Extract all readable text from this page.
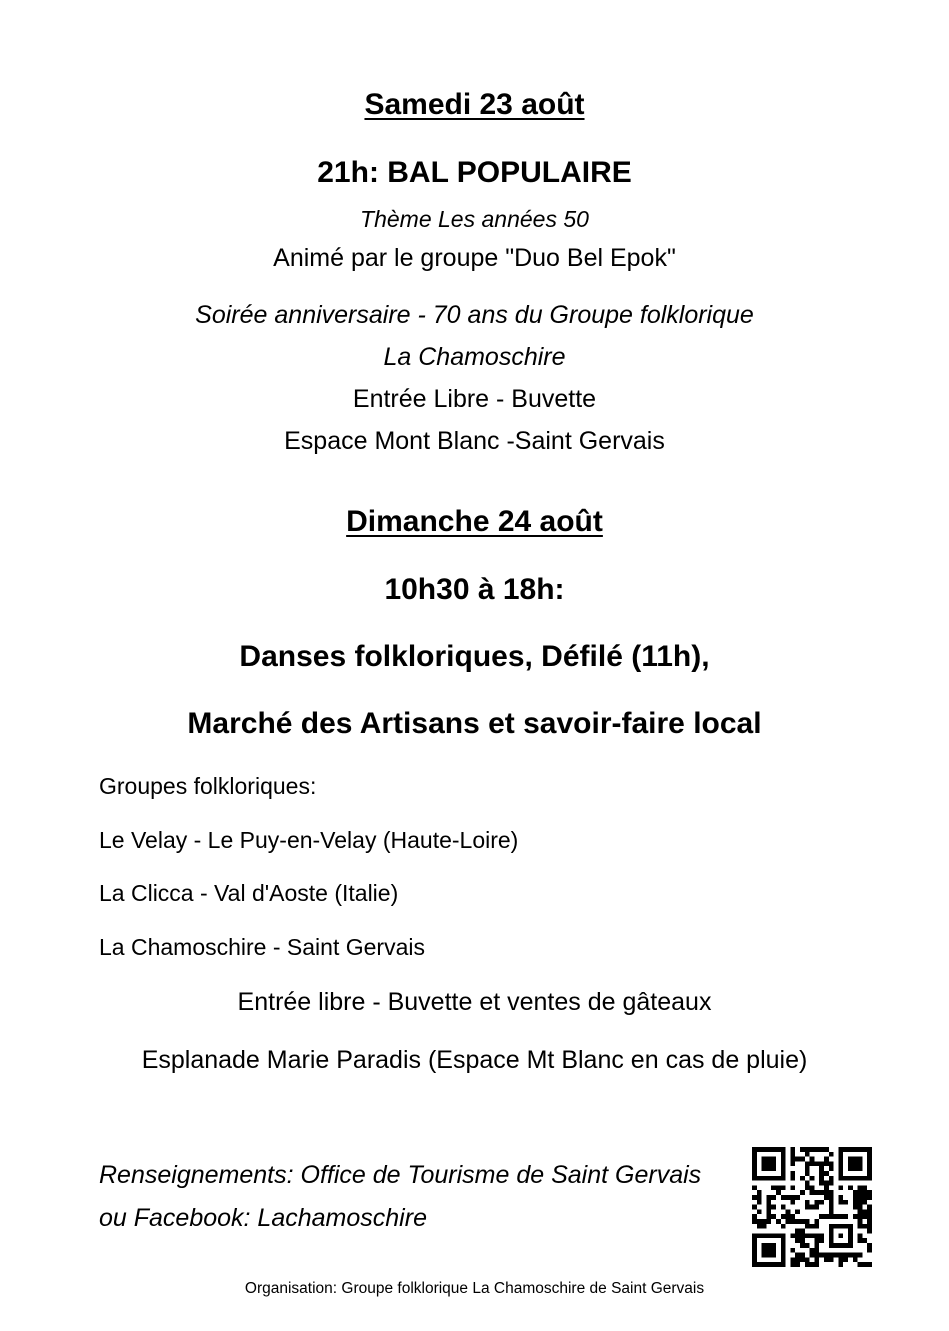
Samedi 23 août
21h: BAL POPULAIRE
Thème Les années 50
Animé par le groupe "Duo Bel Epok"
Soirée anniversaire - 70 ans du Groupe folklorique
La Chamoschire
Entrée Libre - Buvette
Espace Mont Blanc -Saint Gervais
Dimanche 24 août
10h30 à 18h:
Danses folkloriques, Défilé (11h),
Marché des Artisans et savoir-faire local
Groupes folkloriques:
Le Velay - Le Puy-en-Velay (Haute-Loire)
La Clicca - Val d'Aoste (Italie)
La Chamoschire - Saint Gervais
Entrée libre - Buvette et ventes de gâteaux
Esplanade Marie Paradis (Espace Mt Blanc en cas de pluie)
Renseignements: Office de Tourisme de Saint Gervais
ou Facebook: Lachamoschire
Organisation: Groupe folklorique La Chamoschire de Saint Gervais
